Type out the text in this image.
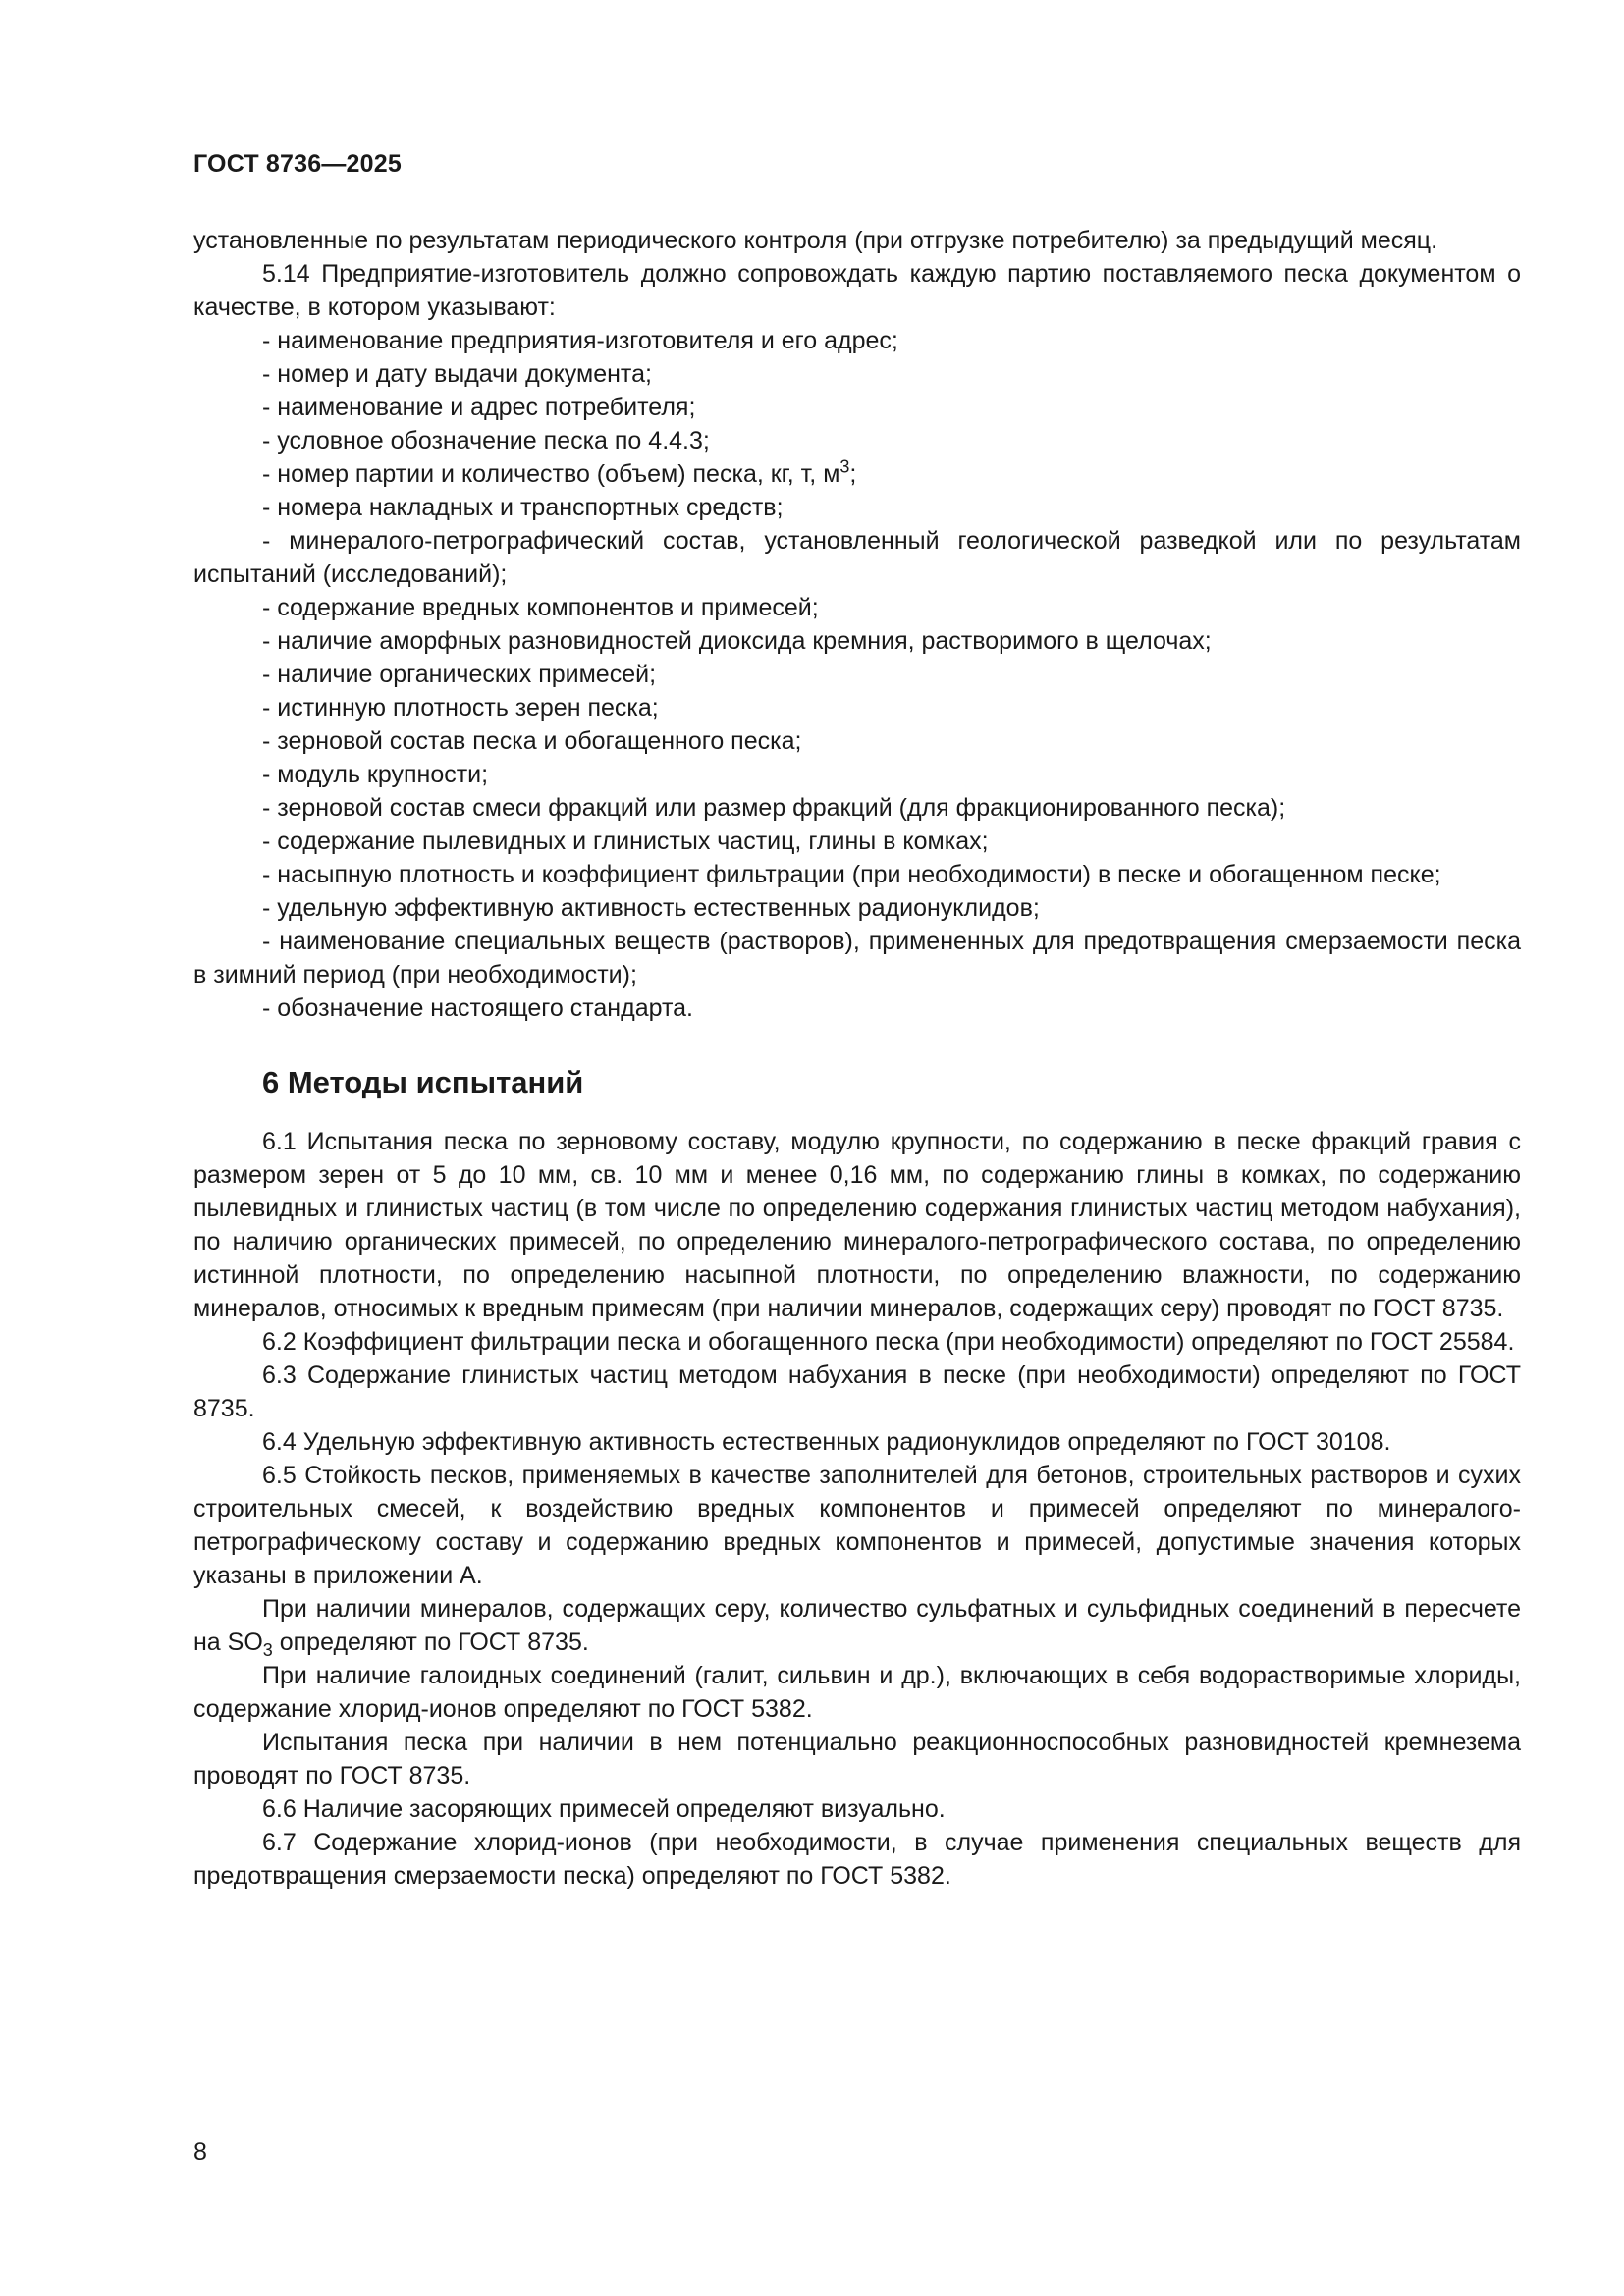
ГОСТ 8736—2025

установленные по результатам периодического контроля (при отгрузке потребителю) за предыдущий месяц.

5.14 Предприятие-изготовитель должно сопровождать каждую партию поставляемого песка документом о качестве, в котором указывают:

- наименование предприятия-изготовителя и его адрес;

- номер и дату выдачи документа;

- наименование и адрес потребителя;

- условное обозначение песка по 4.4.3;

- номер партии и количество (объем) песка, кг, т, $м^3$;

- номера накладных и транспортных средств;

- минералого-петрографический состав, установленный геологической разведкой или по результатам испытаний (исследований);

- содержание вредных компонентов и примесей;

- наличие аморфных разновидностей диоксида кремния, растворимого в щелочах;

- наличие органических примесей;

- истинную плотность зерен песка;

- зерновой состав песка и обогащенного песка;

- модуль крупности;

- зерновой состав смеси фракций или размер фракций (для фракционированного песка);

- содержание пылевидных и глинистых частиц, глины в комках;

- насыпную плотность и коэффициент фильтрации (при необходимости) в песке и обогащенном песке;

- удельную эффективную активность естественных радионуклидов;

- наименование специальных веществ (растворов), примененных для предотвращения смерзаемости песка в зимний период (при необходимости);

- обозначение настоящего стандарта.

6 Методы испытаний

6.1 Испытания песка по зерновому составу, модулю крупности, по содержанию в песке фракций гравия с размером зерен от 5 до 10 мм, св. 10 мм и менее 0,16 мм, по содержанию глины в комках, по содержанию пылевидных и глинистых частиц (в том числе по определению содержания глинистых частиц методом набухания), по наличию органических примесей, по определению минералого-петрографического состава, по определению истинной плотности, по определению насыпной плотности, по определению влажности, по содержанию минералов, относимых к вредным примесям (при наличии минералов, содержащих серу) проводят по ГОСТ 8735.

6.2 Коэффициент фильтрации песка и обогащенного песка (при необходимости) определяют по ГОСТ 25584.

6.3 Содержание глинистых частиц методом набухания в песке (при необходимости) определяют по ГОСТ 8735.

6.4 Удельную эффективную активность естественных радионуклидов определяют по ГОСТ 30108.

6.5 Стойкость песков, применяемых в качестве заполнителей для бетонов, строительных растворов и сухих строительных смесей, к воздействию вредных компонентов и примесей определяют по минералого-петрографическому составу и содержанию вредных компонентов и примесей, допустимые значения которых указаны в приложении А.

При наличии минералов, содержащих серу, количество сульфатных и сульфидных соединений в пересчете на $SO_3$ определяют по ГОСТ 8735.

При наличие галоидных соединений (галит, сильвин и др.), включающих в себя водорастворимые хлориды, содержание хлорид-ионов определяют по ГОСТ 5382.

Испытания песка при наличии в нем потенциально реакционноспособных разновидностей кремнезема проводят по ГОСТ 8735.

6.6 Наличие засоряющих примесей определяют визуально.

6.7 Содержание хлорид-ионов (при необходимости, в случае применения специальных веществ для предотвращения смерзаемости песка) определяют по ГОСТ 5382.

8
